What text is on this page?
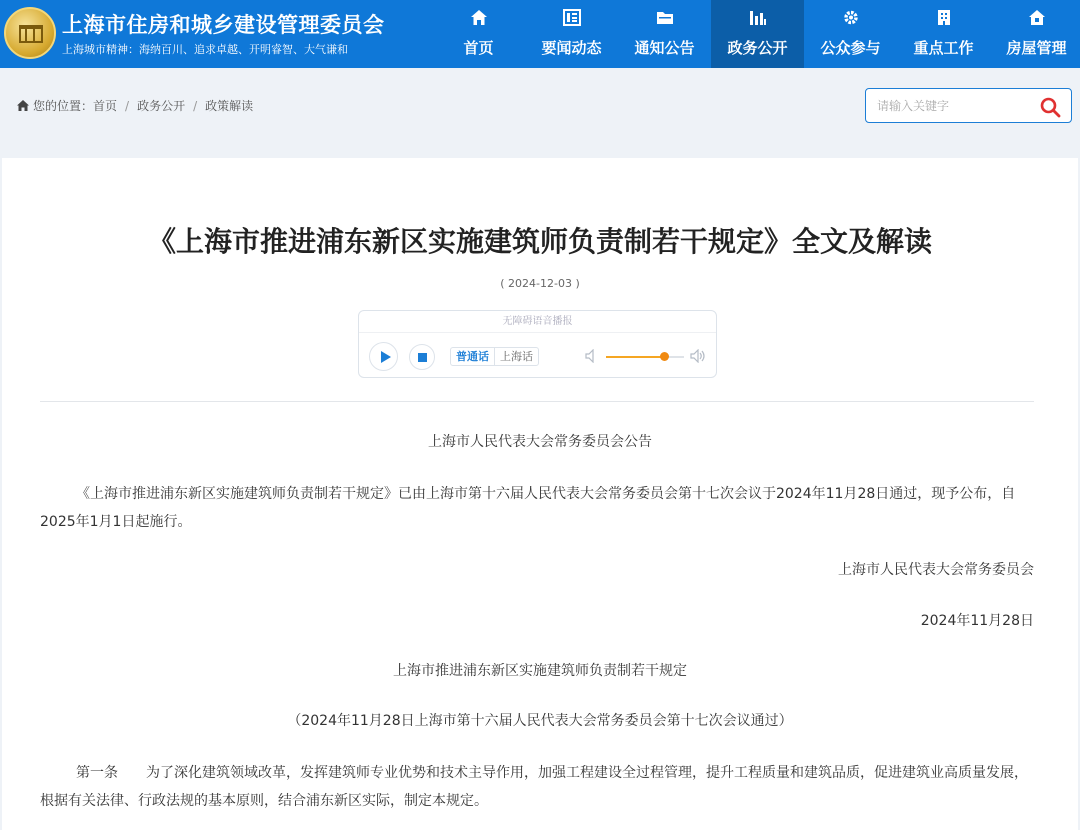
上海市住房和城乡建设管理委员会
上海城市精神：海纳百川、追求卓越、开明睿智、大气谦和	首页	要闻动态	通知公告	政务公开	公众参与	重点工作	房屋管理
您的位置： 首页 / 政务公开 / 政策解读
请输入关键字
《上海市推进浦东新区实施建筑师负责制若干规定》全文及解读
( 2024-12-03 )
无障碍语音播报
普通话	上海话
上海市人民代表大会常务委员会公告
《上海市推进浦东新区实施建筑师负责制若干规定》已由上海市第十六届人民代表大会常务委员会第十七次会议于2024年11月28日通过，现予公布，自2025年1月1日起施行。
上海市人民代表大会常务委员会
2024年11月28日
上海市推进浦东新区实施建筑师负责制若干规定
（2024年11月28日上海市第十六届人民代表大会常务委员会第十七次会议通过）
第一条 为了深化建筑领域改革，发挥建筑师专业优势和技术主导作用，加强工程建设全过程管理，提升工程质量和建筑品质，促进建筑业高质量发展，根据有关法律、行政法规的基本原则，结合浦东新区实际，制定本规定。
